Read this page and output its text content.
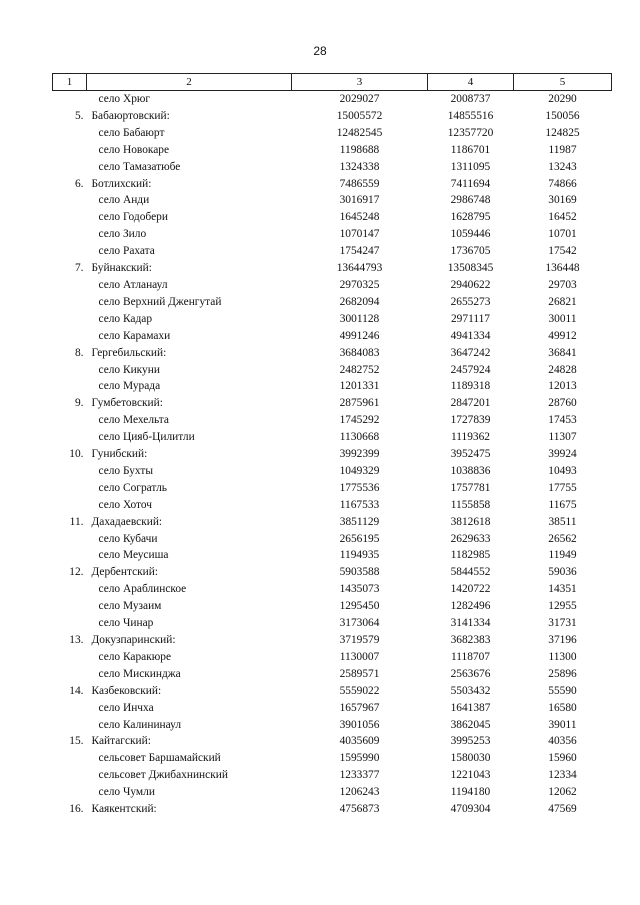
28
1	2	3	4	5
	село Хрюг	2029027	2008737	20290
5.	Бабаюртовский:	15005572	14855516	150056
	село Бабаюрт	12482545	12357720	124825
	село Новокаре	1198688	1186701	11987
	село Тамазатюбе	1324338	1311095	13243
6.	Ботлихский:	7486559	7411694	74866
	село Анди	3016917	2986748	30169
	село Годобери	1645248	1628795	16452
	село Зило	1070147	1059446	10701
	село Рахата	1754247	1736705	17542
7.	Буйнакский:	13644793	13508345	136448
	село Атланаул	2970325	2940622	29703
	село Верхний Дженгутай	2682094	2655273	26821
	село Кадар	3001128	2971117	30011
	село Карамахи	4991246	4941334	49912
8.	Гергебильский:	3684083	3647242	36841
	село Кикуни	2482752	2457924	24828
	село Мурада	1201331	1189318	12013
9.	Гумбетовский:	2875961	2847201	28760
	село Мехельта	1745292	1727839	17453
	село Цияб-Цилитли	1130668	1119362	11307
10.	Гунибский:	3992399	3952475	39924
	село Бухты	1049329	1038836	10493
	село Согратль	1775536	1757781	17755
	село Хоточ	1167533	1155858	11675
11.	Дахадаевский:	3851129	3812618	38511
	село Кубачи	2656195	2629633	26562
	село Меусиша	1194935	1182985	11949
12.	Дербентский:	5903588	5844552	59036
	село Араблинское	1435073	1420722	14351
	село Музаим	1295450	1282496	12955
	село Чинар	3173064	3141334	31731
13.	Докузпаринский:	3719579	3682383	37196
	село Каракюре	1130007	1118707	11300
	село Мискинджа	2589571	2563676	25896
14.	Казбековский:	5559022	5503432	55590
	село Инчха	1657967	1641387	16580
	село Калининаул	3901056	3862045	39011
15.	Кайтагский:	4035609	3995253	40356
	сельсовет Баршамайский	1595990	1580030	15960
	сельсовет Джибахнинский	1233377	1221043	12334
	село Чумли	1206243	1194180	12062
16.	Каякентский:	4756873	4709304	47569
